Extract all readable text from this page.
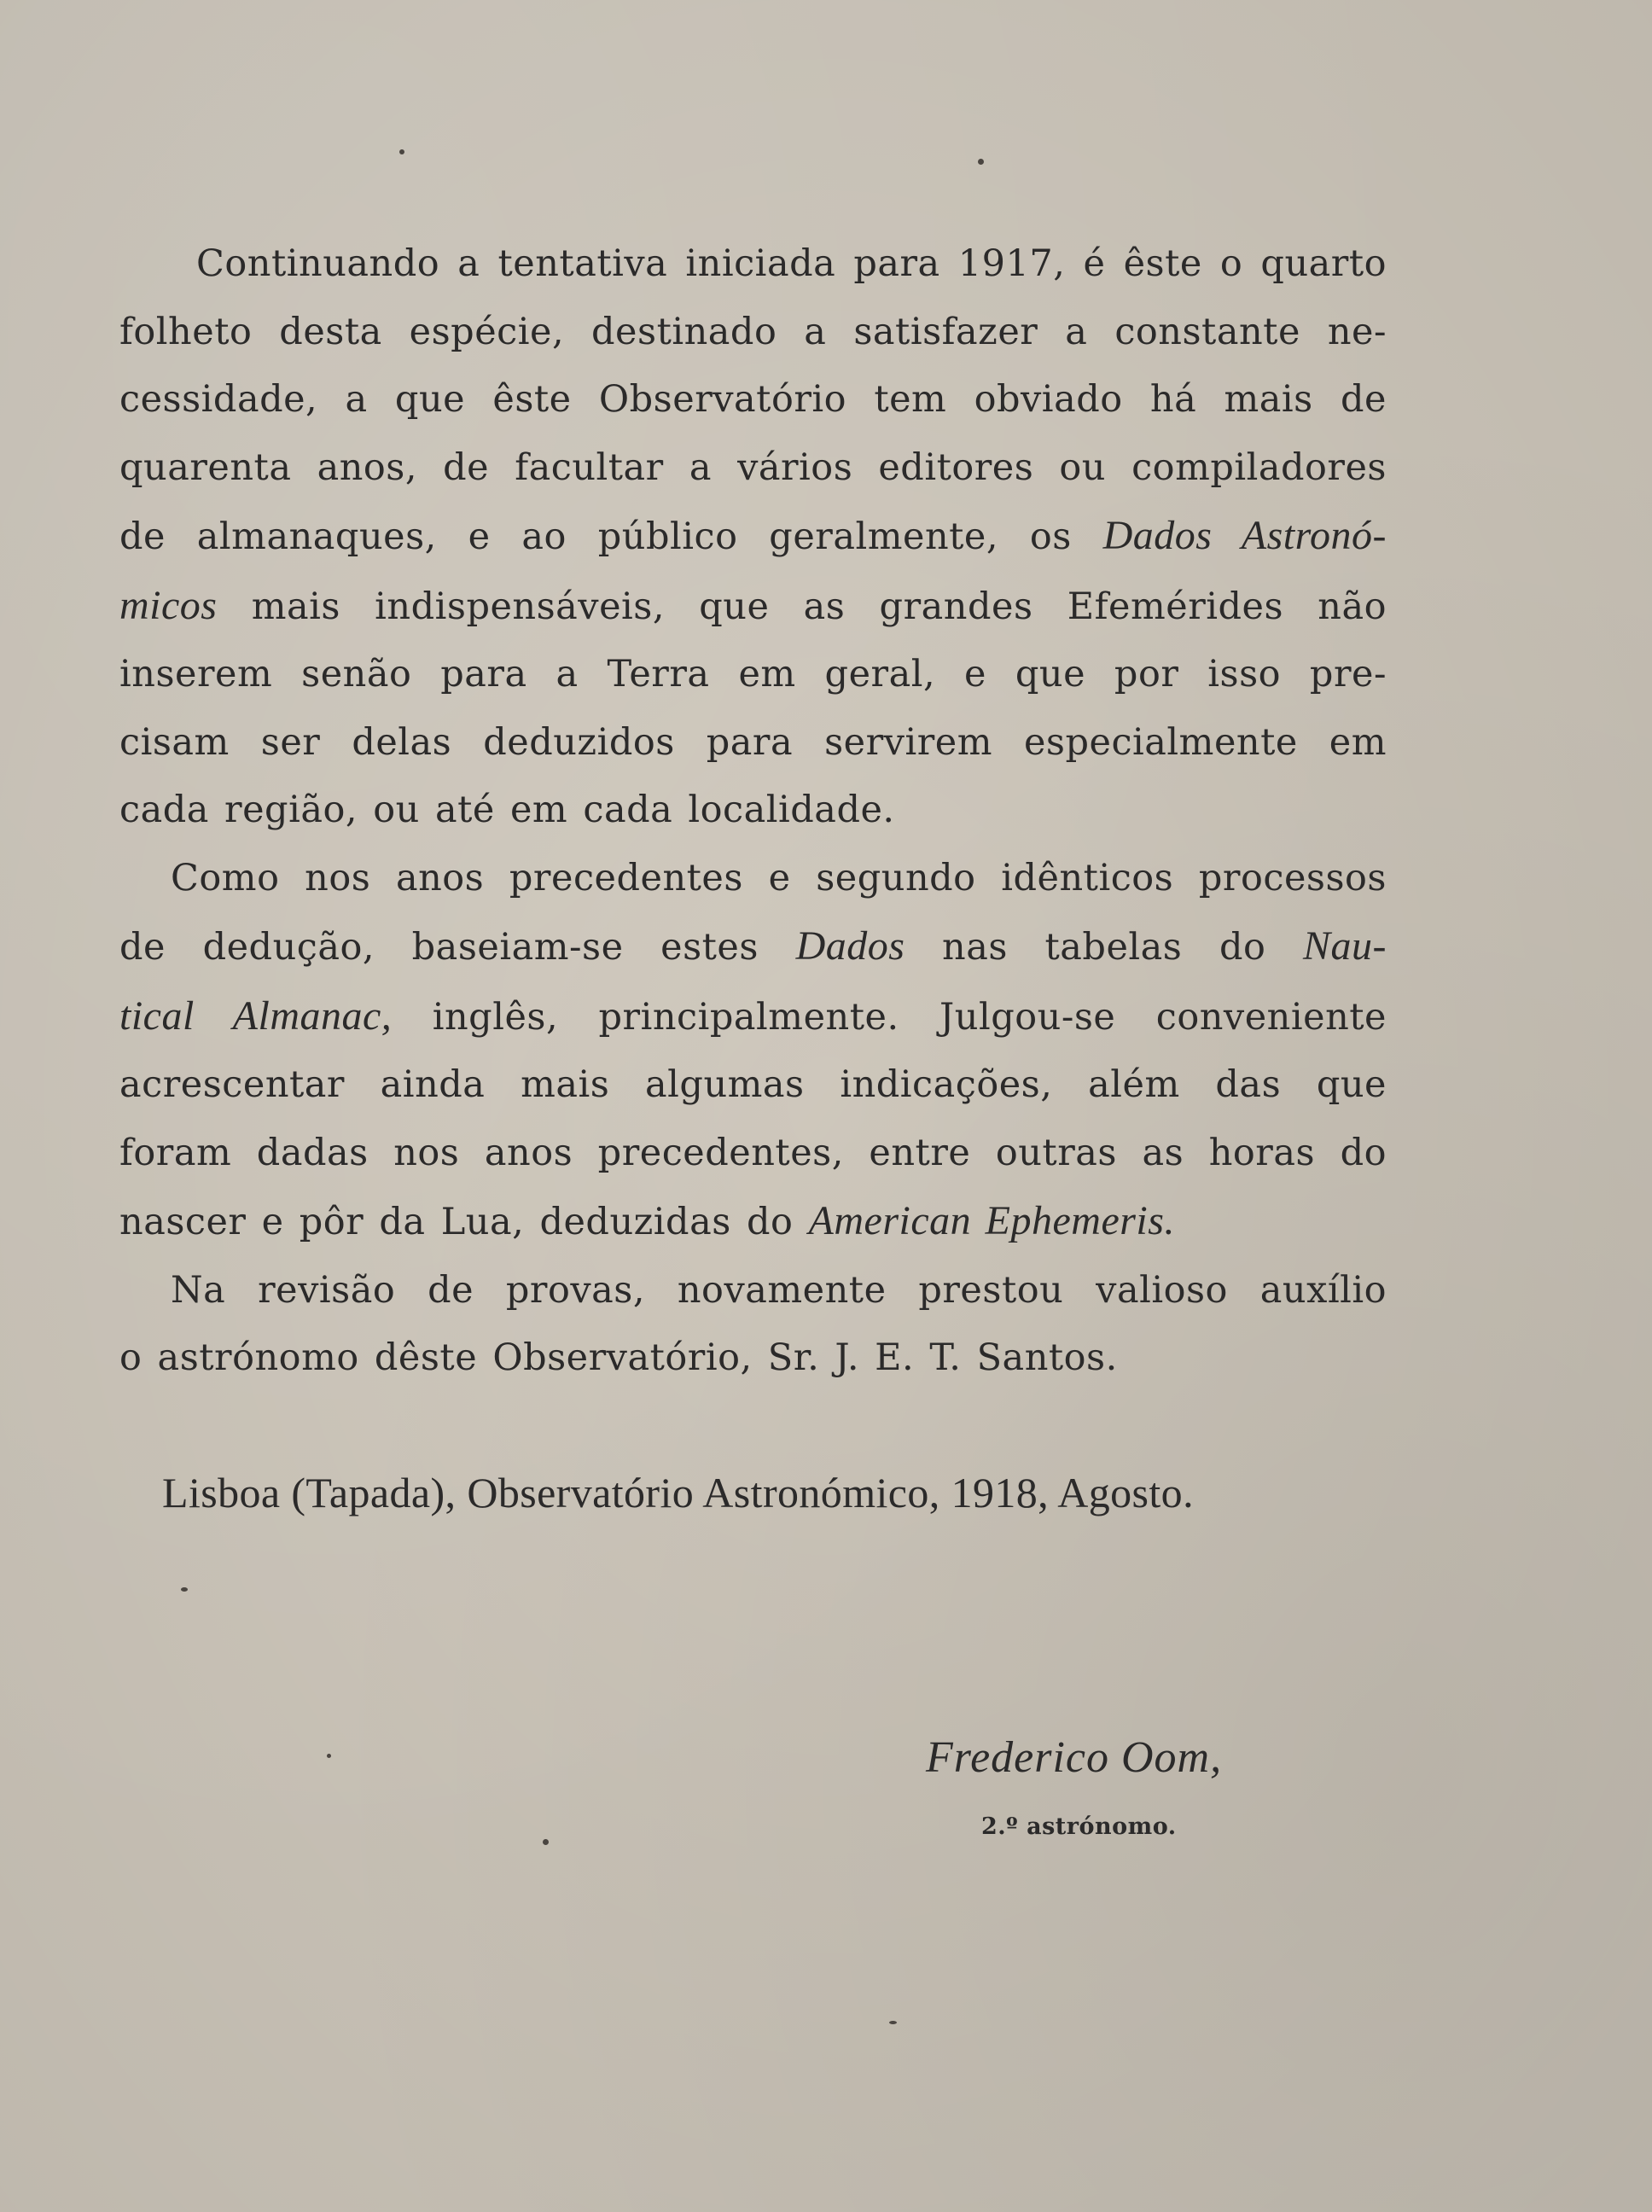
Continuando a tentativa iniciada para 1917, é êste o quarto
folheto desta espécie, destinado a satisfazer a constante ne-
cessidade, a que êste Observatório tem obviado há mais de
quarenta anos, de facultar a vários editores ou compiladores
de almanaques, e ao público geralmente, os Dados Astronó-
micos mais indispensáveis, que as grandes Efemérides não
inserem senão para a Terra em geral, e que por isso pre-
cisam ser delas deduzidos para servirem especialmente em
cada região, ou até em cada localidade.

Como nos anos precedentes e segundo idênticos processos
de dedução, baseiam-se estes Dados nas tabelas do Nau-
tical Almanac, inglês, principalmente. Julgou-se conveniente
acrescentar ainda mais algumas indicações, além das que
foram dadas nos anos precedentes, entre outras as horas do
nascer e pôr da Lua, deduzidas do American Ephemeris.

Na revisão de provas, novamente prestou valioso auxílio
o astrónomo dêste Observatório, Sr. J. E. T. Santos.

Lisboa (Tapada), Observatório Astronómico, 1918, Agosto.
Frederico Oom,
2.º astrónomo.
